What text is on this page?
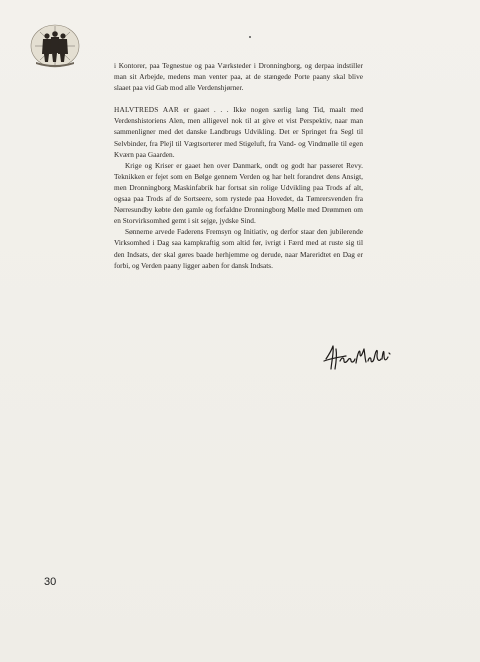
i Kontorer, paa Tegnestue og paa Værksteder i Dronningborg, og derpaa indstiller man sit Arbejde, medens man venter paa, at de stængede Porte paany skal blive slaaet paa vid Gab mod alle Verdenshjørner.

HALVTREDS AAR er gaaet . . . Ikke nogen særlig lang Tid, maalt med Verdenshistoriens Alen, men alligevel nok til at give et vist Perspektiv, naar man sammenligner med det danske Landbrugs Udvikling. Det er Springet fra Segl til Selvbinder, fra Plejl til Vægtsorterer med Stigeluft, fra Vand- og Vindmølle til egen Kværn paa Gaarden.

Krige og Kriser er gaaet hen over Danmark, ondt og godt har passeret Revy. Teknikken er fejet som en Bølge gennem Verden og har helt forandret dens Ansigt, men Dronningborg Maskinfabrik har fortsat sin rolige Udvikling paa Trods af alt, ogsaa paa Trods af de Sortseere, som rystede paa Hovedet, da Tømrersvenden fra Nørresundby købte den gamle og forfaldne Dronningborg Mølle med Drømmen om en Storvirksomhed gemt i sit sejge, jydske Sind.

Sønnerne arvede Faderens Fremsyn og Initiativ, og derfor staar den jubilerende Virksomhed i Dag saa kampkraftig som altid før, ivrigt i Færd med at ruste sig til den Indsats, der skal gøres baade herhjemme og derude, naar Mareridtet en Dag er forbi, og Verden paany ligger aaben for dansk Indsats.

30
